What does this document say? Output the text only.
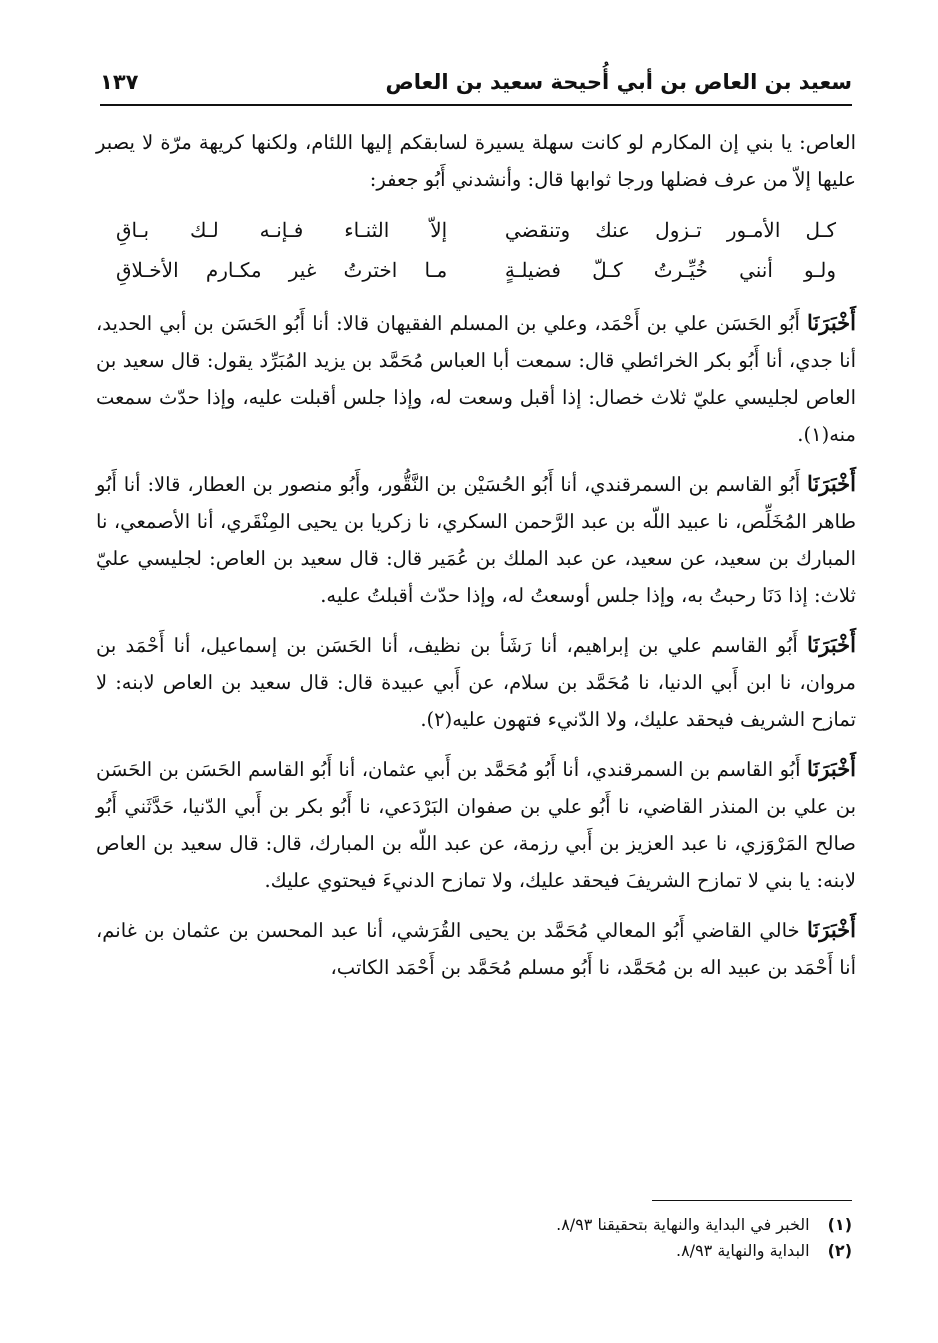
١٣٧	سعيد بن العاص بن أبي أُحيحة سعيد بن العاص

العاص: يا بني إن المكارم لو كانت سهلة يسيرة لسابقكم إليها اللئام، ولكنها كريهة مرّة لا يصبر عليها إلاّ من عرف فضلها ورجا ثوابها قال: وأنشدني أَبُو جعفر:

كـل الأمـور تـزول عنك وتنقضي
إلاّ الثنـاء فـإنـه لـك بـاقِ
ولـو أنني خُيِّـرتُ كـلّ فضيلـةٍ
مـا اخترتُ غير مكـارم الأخـلاقِ

أَخْبَرَنَا أَبُو الحَسَن علي بن أَحْمَد، وعلي بن المسلم الفقيهان قالا: أنا أَبُو الحَسَن بن أبي الحديد، أنا جدي، أنا أَبُو بكر الخرائطي قال: سمعت أبا العباس مُحَمَّد بن يزيد المُبَرِّد يقول: قال سعيد بن العاص لجليسي عليّ ثلاث خصال: إذا أقبل وسعت له، وإذا جلس أقبلت عليه، وإذا حدّث سمعت منه(١).

أَخْبَرَنَا أَبُو القاسم بن السمرقندي، أنا أَبُو الحُسَيْن بن النَّقُّور، وأَبُو منصور بن العطار، قالا: أنا أَبُو طاهر المُخَلِّص، نا عبيد اللّه بن عبد الرَّحمن السكري، نا زكريا بن يحيى المِنْقَري، أنا الأصمعي، نا المبارك بن سعيد، عن سعيد، عن عبد الملك بن عُمَير قال: قال سعيد بن العاص: لجليسي عليّ ثلاث: إذا دَنَا رحبتُ به، وإذا جلس أوسعتُ له، وإذا حدّث أقبلتُ عليه.

أَخْبَرَنَا أَبُو القاسم علي بن إبراهيم، أنا رَشَأ بن نظيف، أنا الحَسَن بن إسماعيل، أنا أَحْمَد بن مروان، نا ابن أَبي الدنيا، نا مُحَمَّد بن سلام، عن أَبي عبيدة قال: قال سعيد بن العاص لابنه: لا تمازح الشريف فيحقد عليك، ولا الدّنيء فتهون عليه(٢).

أَخْبَرَنَا أَبُو القاسم بن السمرقندي، أنا أَبُو مُحَمَّد بن أَبي عثمان، أنا أَبُو القاسم الحَسَن بن الحَسَن بن علي بن المنذر القاضي، نا أَبُو علي بن صفوان البَرْدَعي، نا أَبُو بكر بن أَبي الدّنيا، حَدَّثَني أَبُو صالح المَرْوَزي، نا عبد العزيز بن أَبي رزمة، عن عبد اللّه بن المبارك، قال: قال سعيد بن العاص لابنه: يا بني لا تمازح الشريفَ فيحقد عليك، ولا تمازح الدنيءَ فيحتوي عليك.

أَخْبَرَنَا خالي القاضي أَبُو المعالي مُحَمَّد بن يحيى القُرَشي، أنا عبد المحسن بن عثمان بن غانم، أنا أَحْمَد بن عبيد اله بن مُحَمَّد، نا أَبُو مسلم مُحَمَّد بن أَحْمَد الكاتب،

(١)
الخبر في البداية والنهاية بتحقيقنا ٨/٩٣.
(٢)
البداية والنهاية ٨/٩٣.
